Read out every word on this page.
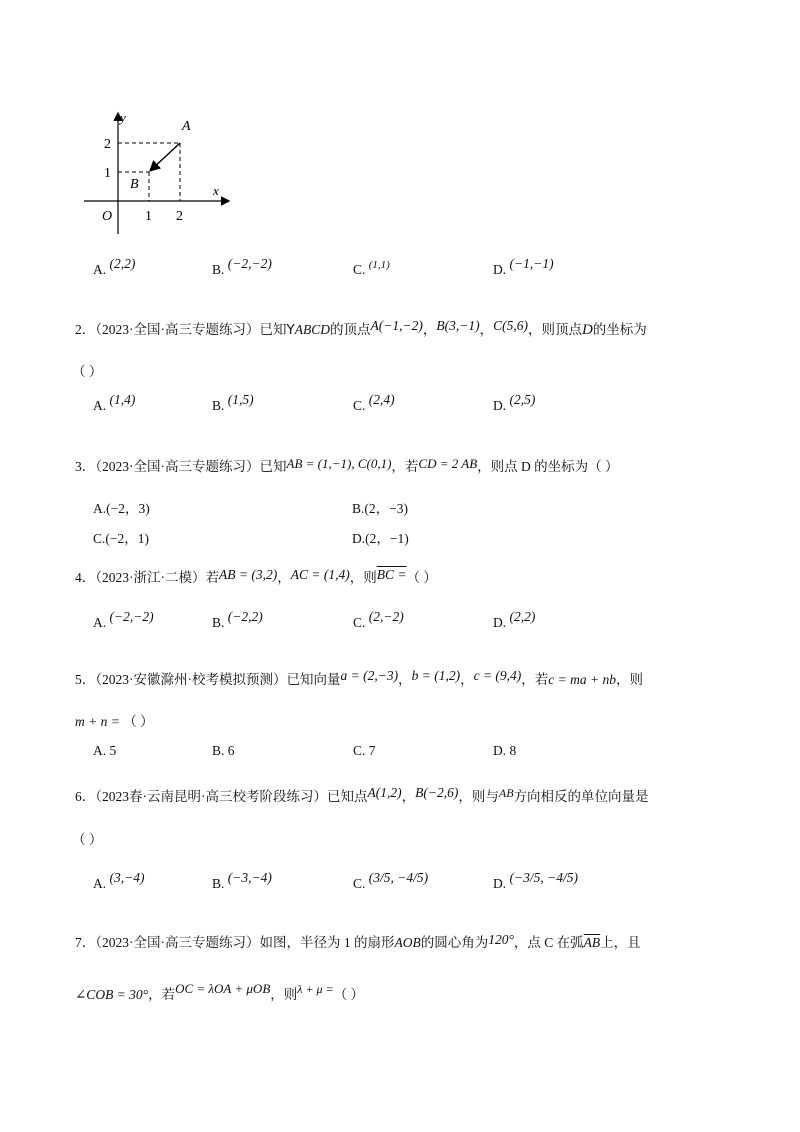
y
x
O 1 2
1
2
A
B
A. (2,2)	B. (−2,−2)	C. $^{(1,1)}$	D. (−1,−1)
2．（2023·全国·高三专题练习）已知YABCD的顶点A(−1,−2)，B(3,−1)，C(5,6)，则顶点D的坐标为
（ ）
A. (1,4)	B. (1,5)	C. (2,4)	D. (2,5)
3．（2023·全国·高三专题练习）已知AB = (1,−1), C(0,1)，若CD = 2 AB，则点 D 的坐标为（ ）
A.(−2，3)	B.(2，−3)
C.(−2，1)	D.(2，−1)
4．（2023·浙江·二模）若AB = (3,2)，AC = (1,4)，则BC =（ ）
A. (−2,−2)	B. (−2,2)	C. (2,−2)	D. (2,2)
5．（2023·安徽滁州·校考模拟预测）已知向量a = (2,−3)，b = (1,2)，c = (9,4)，若c = ma + nb，则
m + n = （ ）
A. 5	B. 6	C. 7	D. 8
6．（2023春·云南昆明·高三校考阶段练习）已知点A(1,2)，B(−2,6)，则与AB方向相反的单位向量是
（ ）
A. (3,−4)	B. (−3,−4)	C. (3/5, −4/5)	D. (−3/5, −4/5)
7．（2023·全国·高三专题练习）如图，半径为 1 的扇形AOB的圆心角为120°，点 C 在弧$\overline{AB}$上，且
∠COB = 30°，若OC = λOA + μOB，则λ + μ =（ ）
